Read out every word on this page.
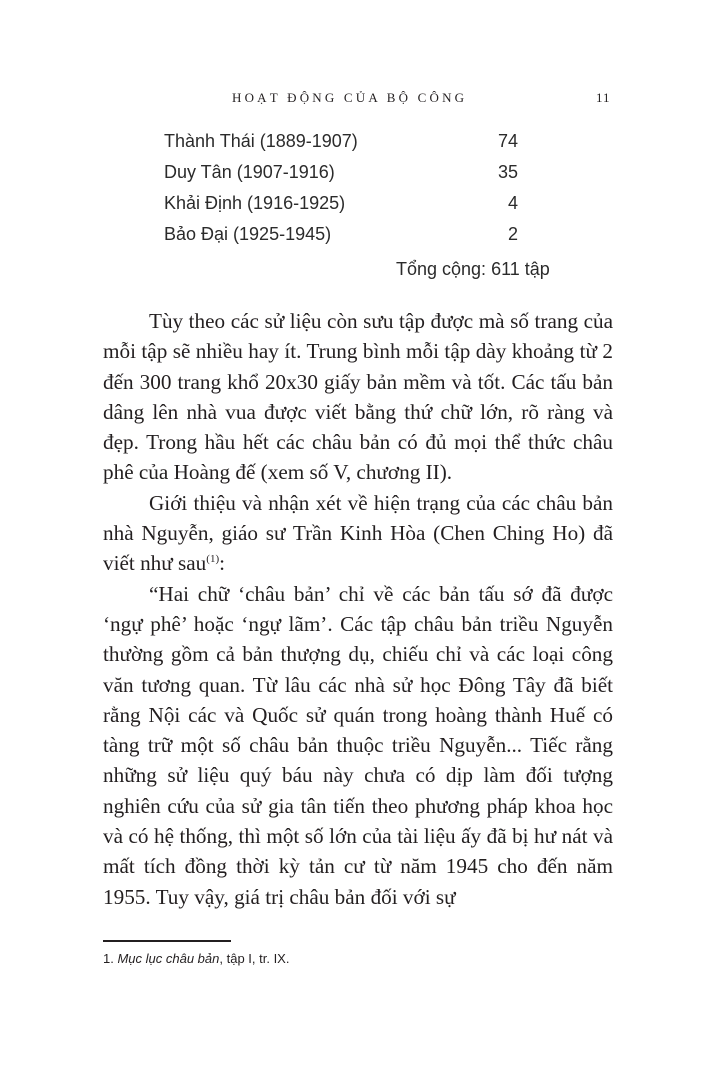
HOẠT ĐỘNG CỦA BỘ CÔNG	11
Thành Thái (1889-1907)	74
Duy Tân (1907-1916)	35
Khải Định (1916-1925)	4
Bảo Đại (1925-1945)	2
Tổng cộng: 611 tập

Tùy theo các sử liệu còn sưu tập được mà số trang của mỗi tập sẽ nhiều hay ít. Trung bình mỗi tập dày khoảng từ 2 đến 300 trang khổ 20x30 giấy bản mềm và tốt. Các tấu bản dâng lên nhà vua được viết bằng thứ chữ lớn, rõ ràng và đẹp. Trong hầu hết các châu bản có đủ mọi thể thức châu phê của Hoàng đế (xem số V, chương II).

Giới thiệu và nhận xét về hiện trạng của các châu bản nhà Nguyễn, giáo sư Trần Kinh Hòa (Chen Ching Ho) đã viết như sau$^{(1)}$:

“Hai chữ ‘châu bản’ chỉ về các bản tấu sớ đã được ‘ngự phê’ hoặc ‘ngự lãm’. Các tập châu bản triều Nguyễn thường gồm cả bản thượng dụ, chiếu chỉ và các loại công văn tương quan. Từ lâu các nhà sử học Đông Tây đã biết rằng Nội các và Quốc sử quán trong hoàng thành Huế có tàng trữ một số châu bản thuộc triều Nguyễn... Tiếc rằng những sử liệu quý báu này chưa có dịp làm đối tượng nghiên cứu của sử gia tân tiến theo phương pháp khoa học và có hệ thống, thì một số lớn của tài liệu ấy đã bị hư nát và mất tích đồng thời kỳ tản cư từ năm 1945 cho đến năm 1955. Tuy vậy, giá trị châu bản đối với sự

1. Mục lục châu bản, tập I, tr. IX.
